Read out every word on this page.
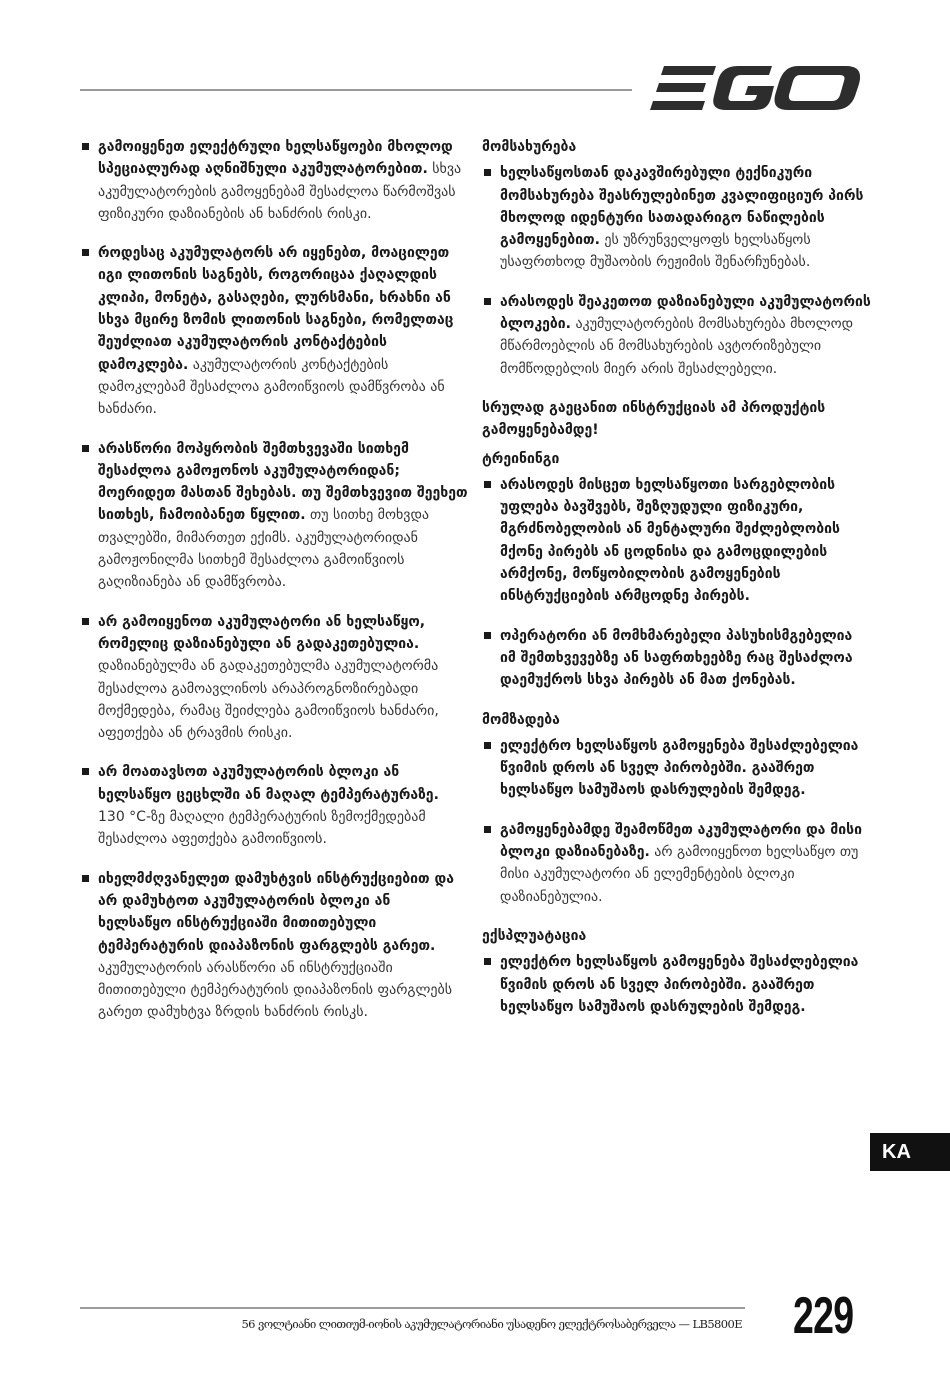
გამოიყენეთ ელექტრული ხელსაწყოები მხოლოდ სპეციალურად აღნიშნული აკუმულატორებით. სხვა აკუმულატორების გამოყენებამ შესაძლოა წარმოშვას ფიზიკური დაზიანების ან ხანძრის რისკი.
როდესაც აკუმულატორს არ იყენებთ, მოაცილეთ იგი ლითონის საგნებს, როგორიცაა ქაღალდის კლიპი, მონეტა, გასაღები, ლურსმანი, ხრახნი ან სხვა მცირე ზომის ლითონის საგნები, რომელთაც შეუძლიათ აკუმულატორის კონტაქტების დამოკლება. აკუმულატორის კონტაქტების დამოკლებამ შესაძლოა გამოიწვიოს დამწვრობა ან ხანძარი.
არასწორი მოპყრობის შემთხვევაში სითხემ შესაძლოა გამოჟონოს აკუმულატორიდან; მოერიდეთ მასთან შეხებას. თუ შემთხვევით შეეხეთ სითხეს, ჩამოიბანეთ წყლით. თუ სითხე მოხვდა თვალებში, მიმართეთ ექიმს. აკუმულატორიდან გამოჟონილმა სითხემ შესაძლოა გამოიწვიოს გაღიზიანება ან დამწვრობა.
არ გამოიყენოთ აკუმულატორი ან ხელსაწყო, რომელიც დაზიანებული ან გადაკეთებულია. დაზიანებულმა ან გადაკეთებულმა აკუმულატორმა შესაძლოა გამოავლინოს არაპროგნოზირებადი მოქმედება, რამაც შეიძლება გამოიწვიოს ხანძარი, აფეთქება ან ტრავმის რისკი.
არ მოათავსოთ აკუმულატორის ბლოკი ან ხელსაწყო ცეცხლში ან მაღალ ტემპერატურაზე. 130 °C-ზე მაღალი ტემპერატურის ზემოქმედებამ შესაძლოა აფეთქება გამოიწვიოს.
იხელმძღვანელეთ დამუხტვის ინსტრუქციებით და არ დამუხტოთ აკუმულატორის ბლოკი ან ხელსაწყო ინსტრუქციაში მითითებული ტემპერატურის დიაპაზონის ფარგლებს გარეთ. აკუმულატორის არასწორი ან ინსტრუქციაში მითითებული ტემპერატურის დიაპაზონის ფარგლებს გარეთ დამუხტვა ზრდის ხანძრის რისკს.
მომსახურება
ხელსაწყოსთან დაკავშირებული ტექნიკური მომსახურება შეასრულებინეთ კვალიფიციურ პირს მხოლოდ იდენტური სათადარიგო ნაწილების გამოყენებით. ეს უზრუნველყოფს ხელსაწყოს უსაფრთხოდ მუშაობის რეჟიმის შენარჩუნებას.
არასოდეს შეაკეთოთ დაზიანებული აკუმულატორის ბლოკები. აკუმულატორების მომსახურება მხოლოდ მწარმოებლის ან მომსახურების ავტორიზებული მომწოდებლის მიერ არის შესაძლებელი.
სრულად გაეცანით ინსტრუქციას ამ პროდუქტის გამოყენებამდე!
ტრეინინგი
არასოდეს მისცეთ ხელსაწყოთი სარგებლობის უფლება ბავშვებს, შეზღუდული ფიზიკური, მგრძნობელობის ან მენტალური შეძლებლობის მქონე პირებს ან ცოდნისა და გამოცდილების არმქონე, მოწყობილობის გამოყენების ინსტრუქციების არმცოდნე პირებს.
ოპერატორი ან მომხმარებელი პასუხისმგებელია იმ შემთხვევებზე ან საფრთხეებზე რაც შესაძლოა დაემუქროს სხვა პირებს ან მათ ქონებას.
მომზადება
ელექტრო ხელსაწყოს გამოყენება შესაძლებელია წვიმის დროს ან სველ პირობებში. გააშრეთ ხელსაწყო სამუშაოს დასრულების შემდეგ.
გამოყენებამდე შეამოწმეთ აკუმულატორი და მისი ბლოკი დაზიანებაზე. არ გამოიყენოთ ხელსაწყო თუ მისი აკუმულატორი ან ელემენტების ბლოკი დაზიანებულია.
ექსპლუატაცია
ელექტრო ხელსაწყოს გამოყენება შესაძლებელია წვიმის დროს ან სველ პირობებში. გააშრეთ ხელსაწყო სამუშაოს დასრულების შემდეგ.
KA
56 ვოლტიანი ლითიუმ-იონის აკუმულატორიანი უსადენო ელექტროსაბერველა — LB5800E 229
